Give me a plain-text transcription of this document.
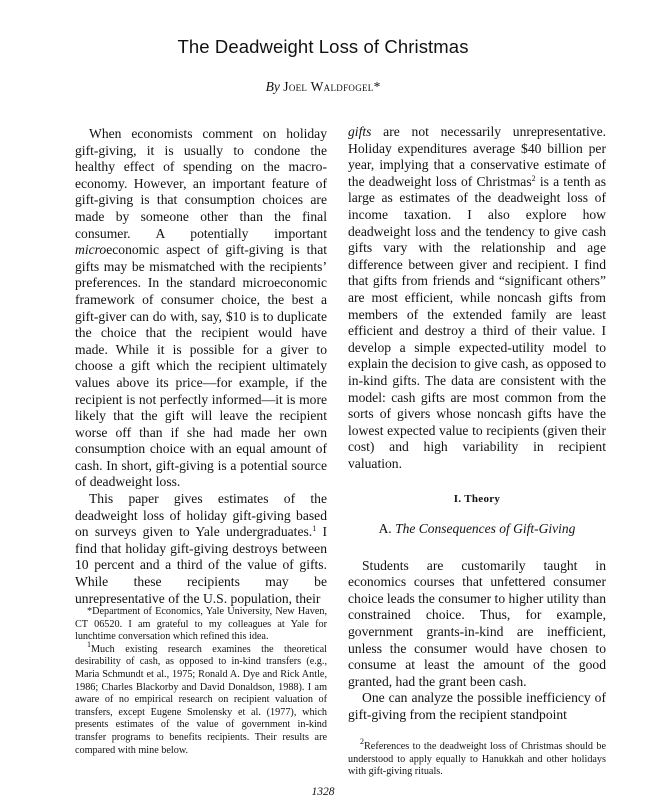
The Deadweight Loss of Christmas
By Joel Waldfogel*

When economists comment on holiday gift-giving, it is usually to condone the healthy effect of spending on the macro-economy. However, an important feature of gift-giving is that consumption choices are made by someone other than the final consumer. A potentially important microeconomic aspect of gift-giving is that gifts may be mismatched with the recipients’ preferences. In the standard microeconomic framework of consumer choice, the best a gift-giver can do with, say, $10 is to duplicate the choice that the recipient would have made. While it is possible for a giver to choose a gift which the recipient ultimately values above its price—for example, if the recipient is not perfectly informed—it is more likely that the gift will leave the recipient worse off than if she had made her own consumption choice with an equal amount of cash. In short, gift-giving is a potential source of deadweight loss.

This paper gives estimates of the deadweight loss of holiday gift-giving based on surveys given to Yale undergraduates.$^1$ I find that holiday gift-giving destroys between 10 percent and a third of the value of gifts. While these recipients may be unrepresentative of the U.S. population, their

gifts are not necessarily unrepresentative. Holiday expenditures average $40 billion per year, implying that a conservative estimate of the deadweight loss of Christmas$^2$ is a tenth as large as estimates of the deadweight loss of income taxation. I also explore how deadweight loss and the tendency to give cash gifts vary with the relationship and age difference between giver and recipient. I find that gifts from friends and “significant others” are most efficient, while noncash gifts from members of the extended family are least efficient and destroy a third of their value. I develop a simple expected-utility model to explain the decision to give cash, as opposed to in-kind gifts. The data are consistent with the model: cash gifts are most common from the sorts of givers whose noncash gifts have the lowest expected value to recipients (given their cost) and high variability in recipient valuation.

I. Theory
A. The Consequences of Gift-Giving

Students are customarily taught in economics courses that unfettered consumer choice leads the consumer to higher utility than constrained choice. Thus, for example, government grants-in-kind are inefficient, unless the consumer would have chosen to consume at least the amount of the good granted, had the grant been cash.

One can analyze the possible inefficiency of gift-giving from the recipient standpoint

*Department of Economics, Yale University, New Haven, CT 06520. I am grateful to my colleagues at Yale for lunchtime conversation which refined this idea.

$^1$Much existing research examines the theoretical desirability of cash, as opposed to in-kind transfers (e.g., Maria Schmundt et al., 1975; Ronald A. Dye and Rick Antle, 1986; Charles Blackorby and David Donaldson, 1988). I am aware of no empirical research on recipient valuation of transfers, except Eugene Smolensky et al. (1977), which presents estimates of the value of government in-kind transfer programs to benefits recipients. Their results are compared with mine below.

$^2$References to the deadweight loss of Christmas should be understood to apply equally to Hanukkah and other holidays with gift-giving rituals.

1328
